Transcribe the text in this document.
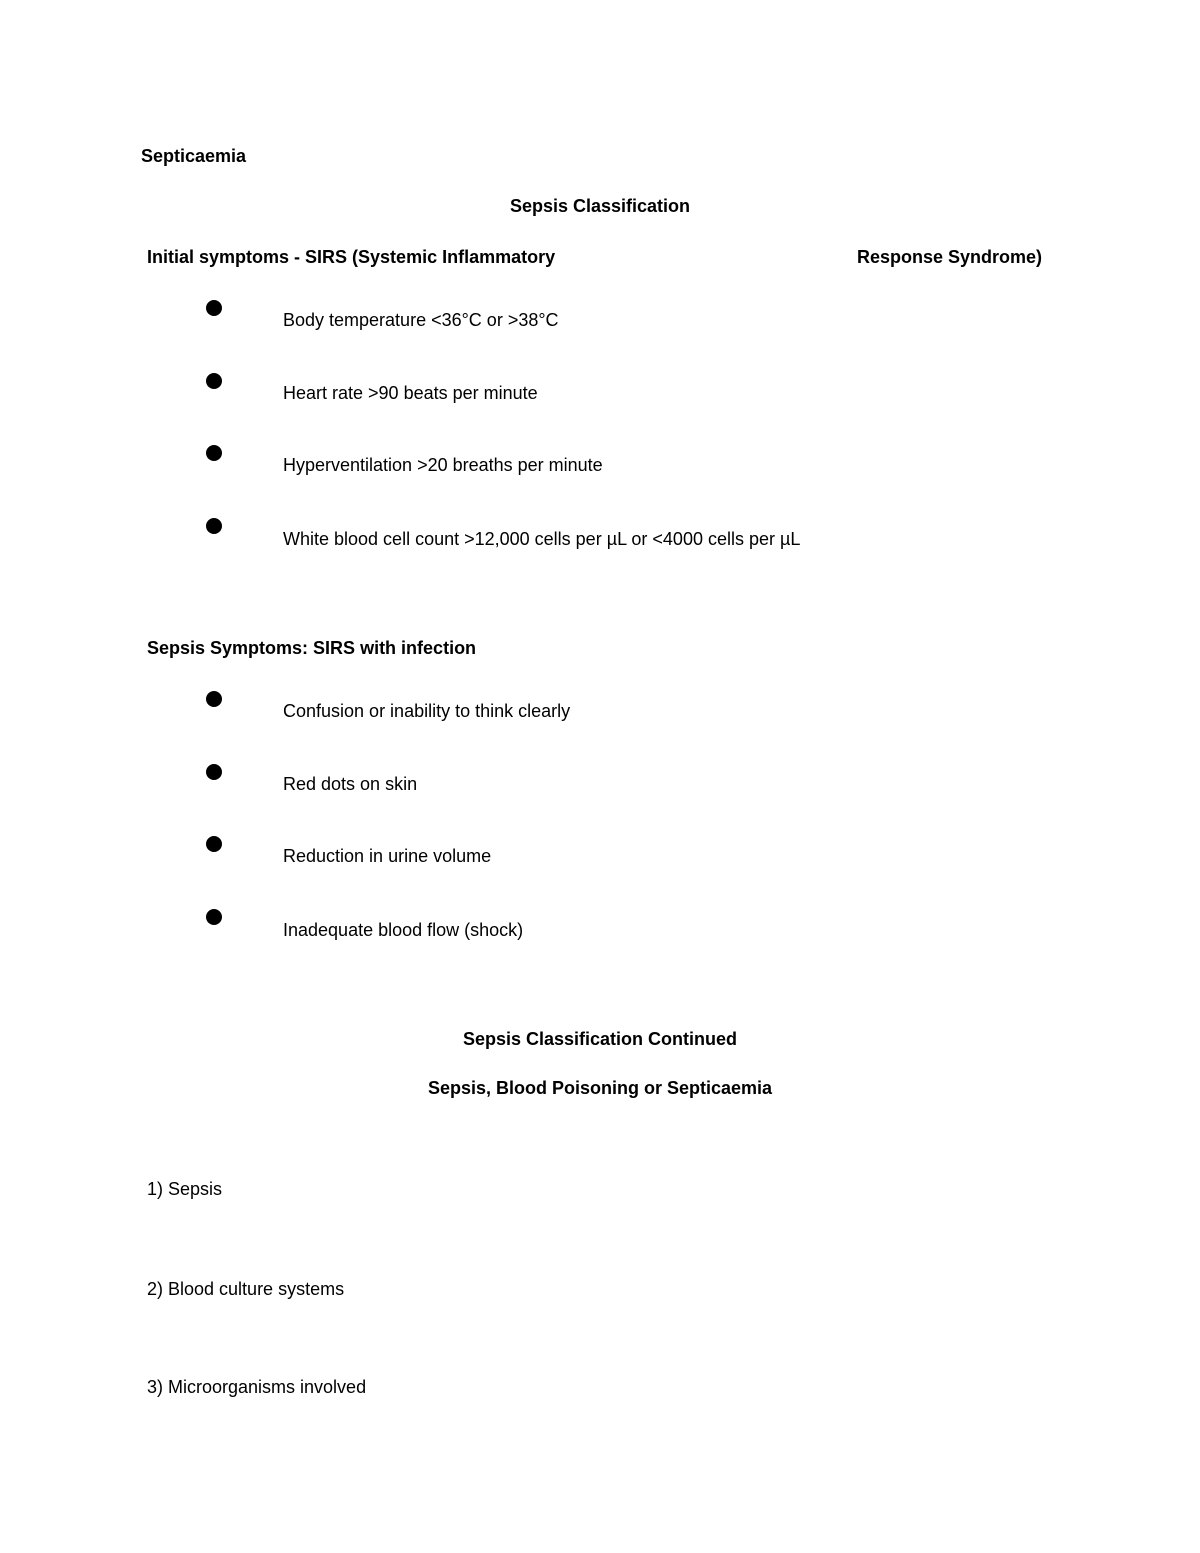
Septicaemia
Sepsis Classification
Initial symptoms - SIRS (Systemic Inflammatory	Response Syndrome)
Body temperature <36°C or >38°C
Heart rate >90 beats per minute
Hyperventilation >20 breaths per minute
White blood cell count >12,000 cells per µL or <4000 cells per µL
Sepsis Symptoms: SIRS with infection
Confusion or inability to think clearly
Red dots on skin
Reduction in urine volume
Inadequate blood flow (shock)
Sepsis Classification Continued
Sepsis, Blood Poisoning or Septicaemia
1) Sepsis
2) Blood culture systems
3) Microorganisms involved
